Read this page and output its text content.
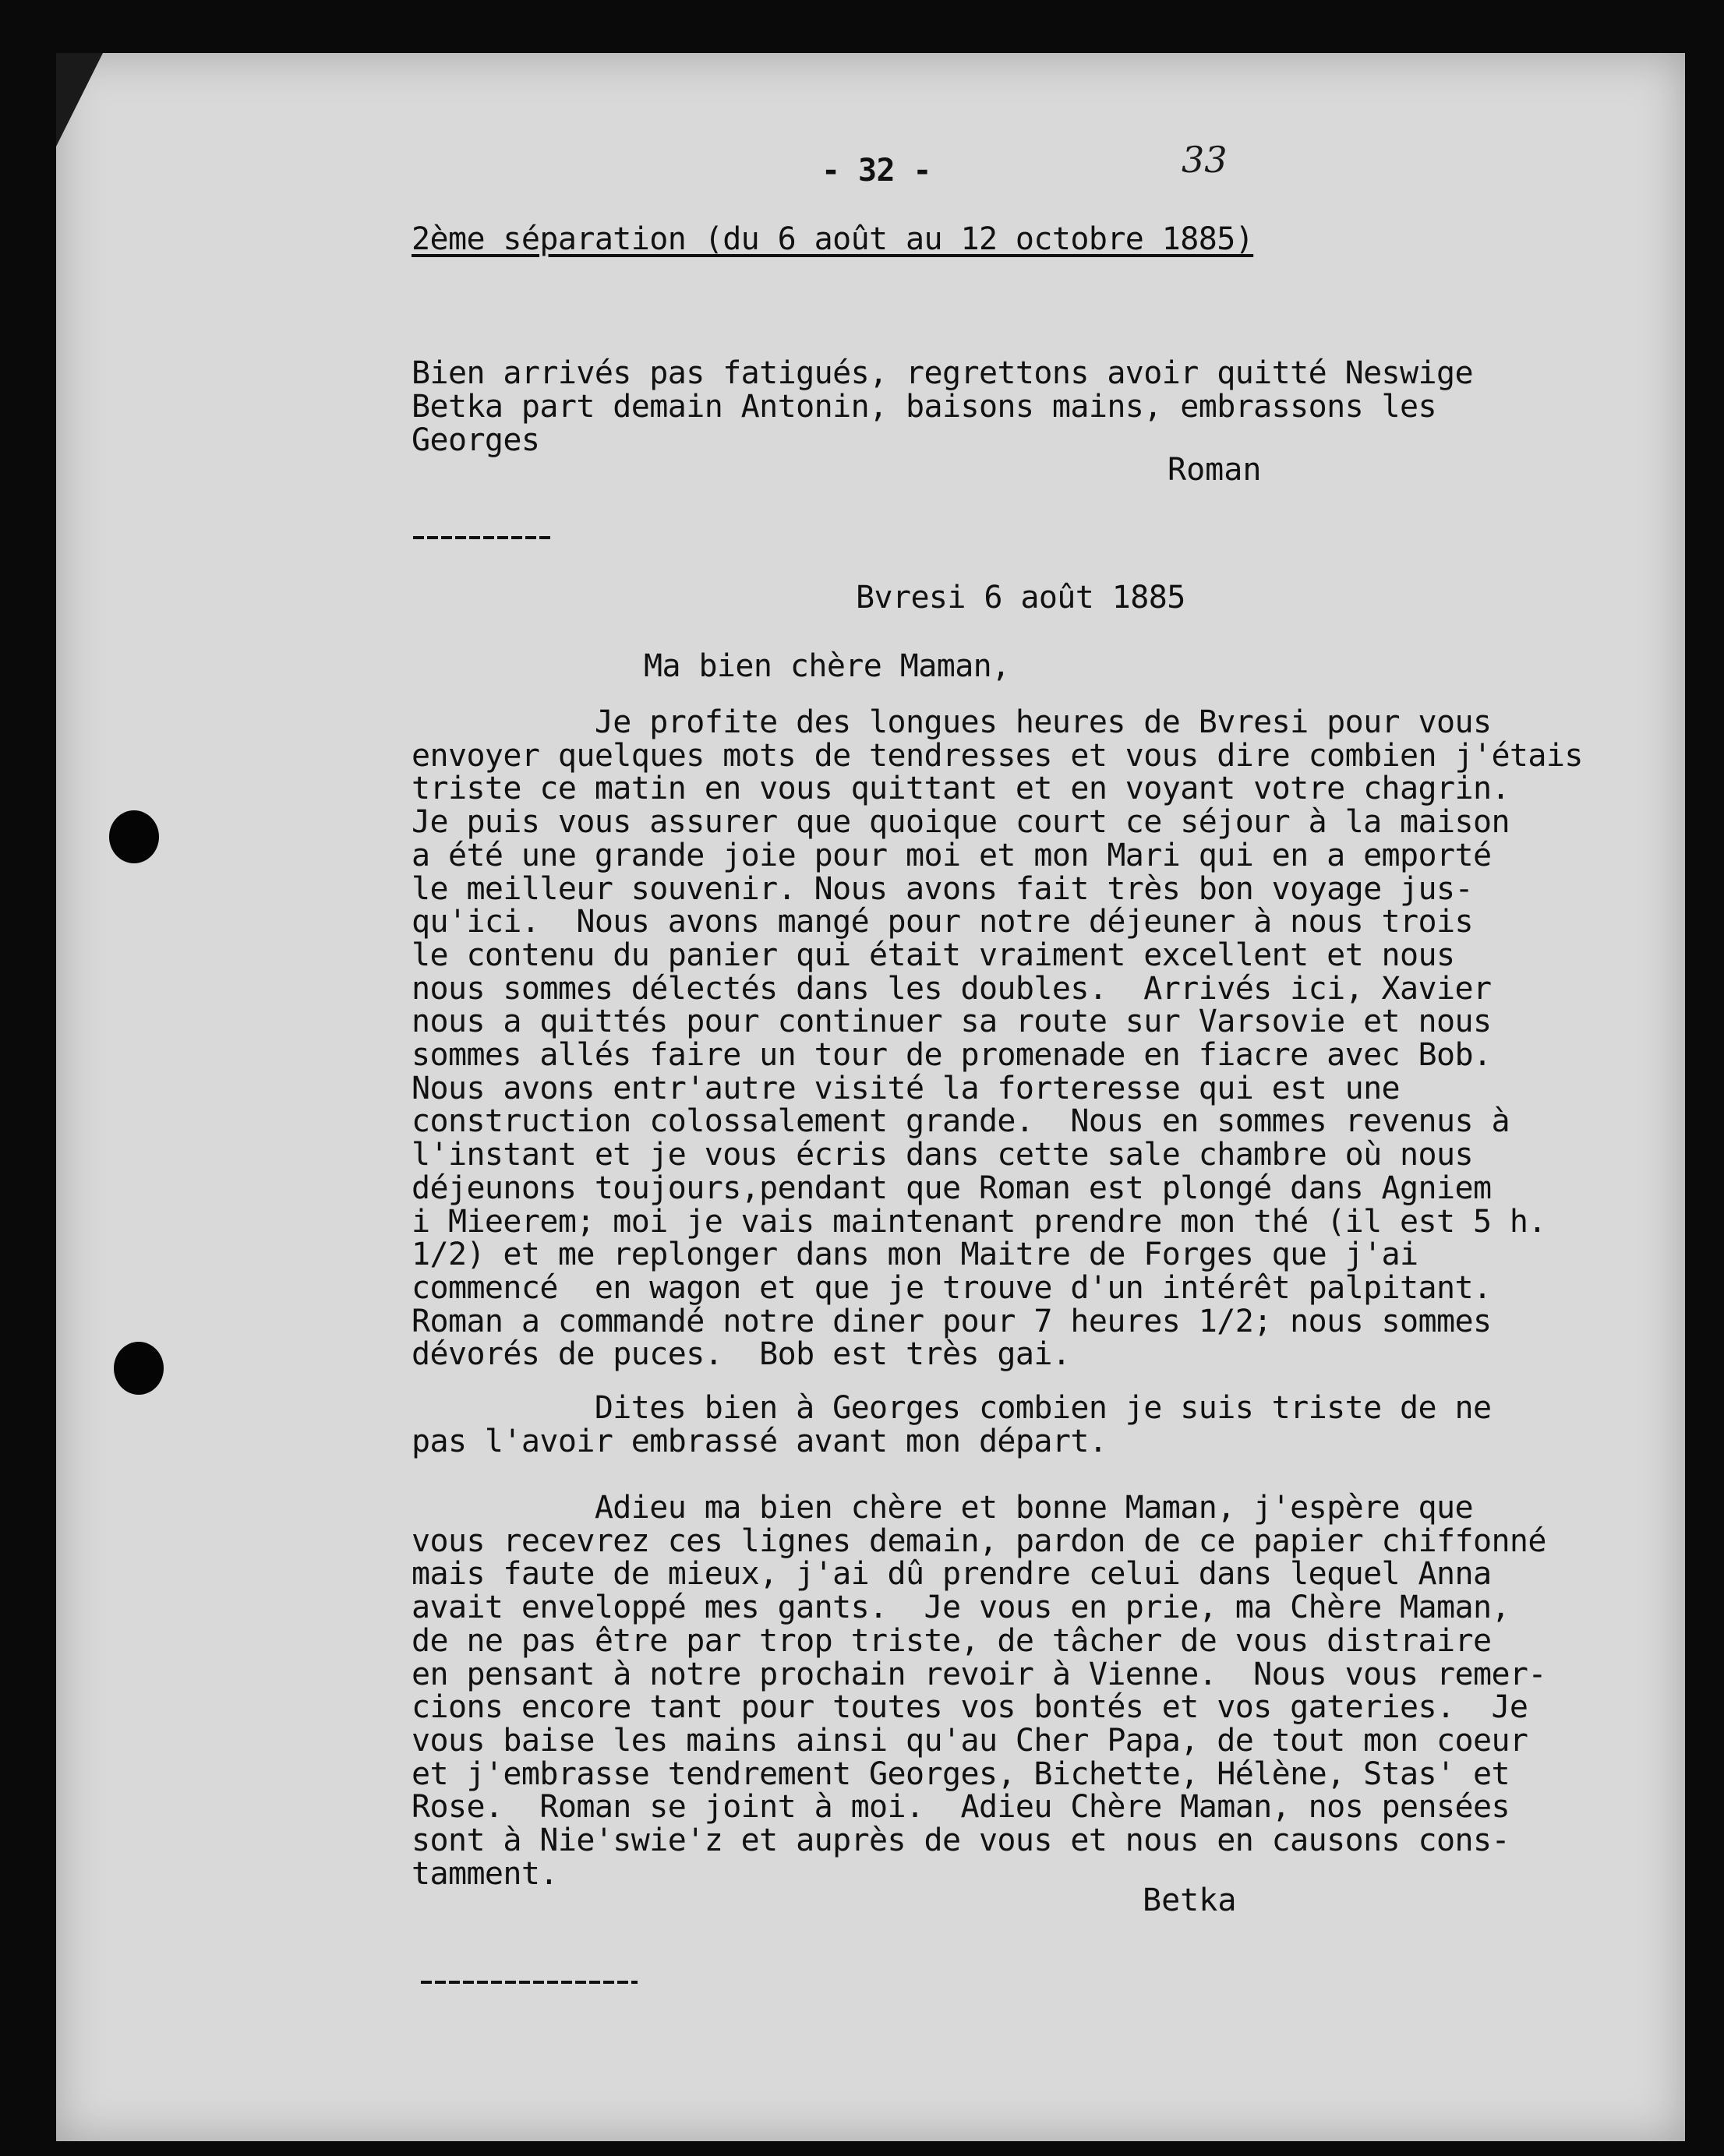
- 32 -	33
2ème séparation (du 6 août au 12 octobre 1885)
Bien arrivés pas fatigués, regrettons avoir quitté Neswige
Betka part demain Antonin, baisons mains, embrassons les
Georges
Roman
Bvresi 6 août 1885
Ma bien chère Maman,
Je profite des longues heures de Bvresi pour vous
envoyer quelques mots de tendresses et vous dire combien j'étais
triste ce matin en vous quittant et en voyant votre chagrin.
Je puis vous assurer que quoique court ce séjour à la maison
a été une grande joie pour moi et mon Mari qui en a emporté
le meilleur souvenir. Nous avons fait très bon voyage jus-
qu'ici.  Nous avons mangé pour notre déjeuner à nous trois
le contenu du panier qui était vraiment excellent et nous
nous sommes délectés dans les doubles.  Arrivés ici, Xavier
nous a quittés pour continuer sa route sur Varsovie et nous
sommes allés faire un tour de promenade en fiacre avec Bob.
Nous avons entr'autre visité la forteresse qui est une
construction colossalement grande.  Nous en sommes revenus à
l'instant et je vous écris dans cette sale chambre où nous
déjeunons toujours,pendant que Roman est plongé dans Agniem
i Mieerem; moi je vais maintenant prendre mon thé (il est 5 h.
1/2) et me replonger dans mon Maitre de Forges que j'ai
commencé  en wagon et que je trouve d'un intérêt palpitant.
Roman a commandé notre diner pour 7 heures 1/2; nous sommes
dévorés de puces.  Bob est très gai.
Dites bien à Georges combien je suis triste de ne
pas l'avoir embrassé avant mon départ.
Adieu ma bien chère et bonne Maman, j'espère que
vous recevrez ces lignes demain, pardon de ce papier chiffonné
mais faute de mieux, j'ai dû prendre celui dans lequel Anna
avait enveloppé mes gants.  Je vous en prie, ma Chère Maman,
de ne pas être par trop triste, de tâcher de vous distraire
en pensant à notre prochain revoir à Vienne.  Nous vous remer-
cions encore tant pour toutes vos bontés et vos gateries.  Je
vous baise les mains ainsi qu'au Cher Papa, de tout mon coeur
et j'embrasse tendrement Georges, Bichette, Hélène, Stas' et
Rose.  Roman se joint à moi.  Adieu Chère Maman, nos pensées
sont à Nie'swie'z et auprès de vous et nous en causons cons-
tamment.
Betka
